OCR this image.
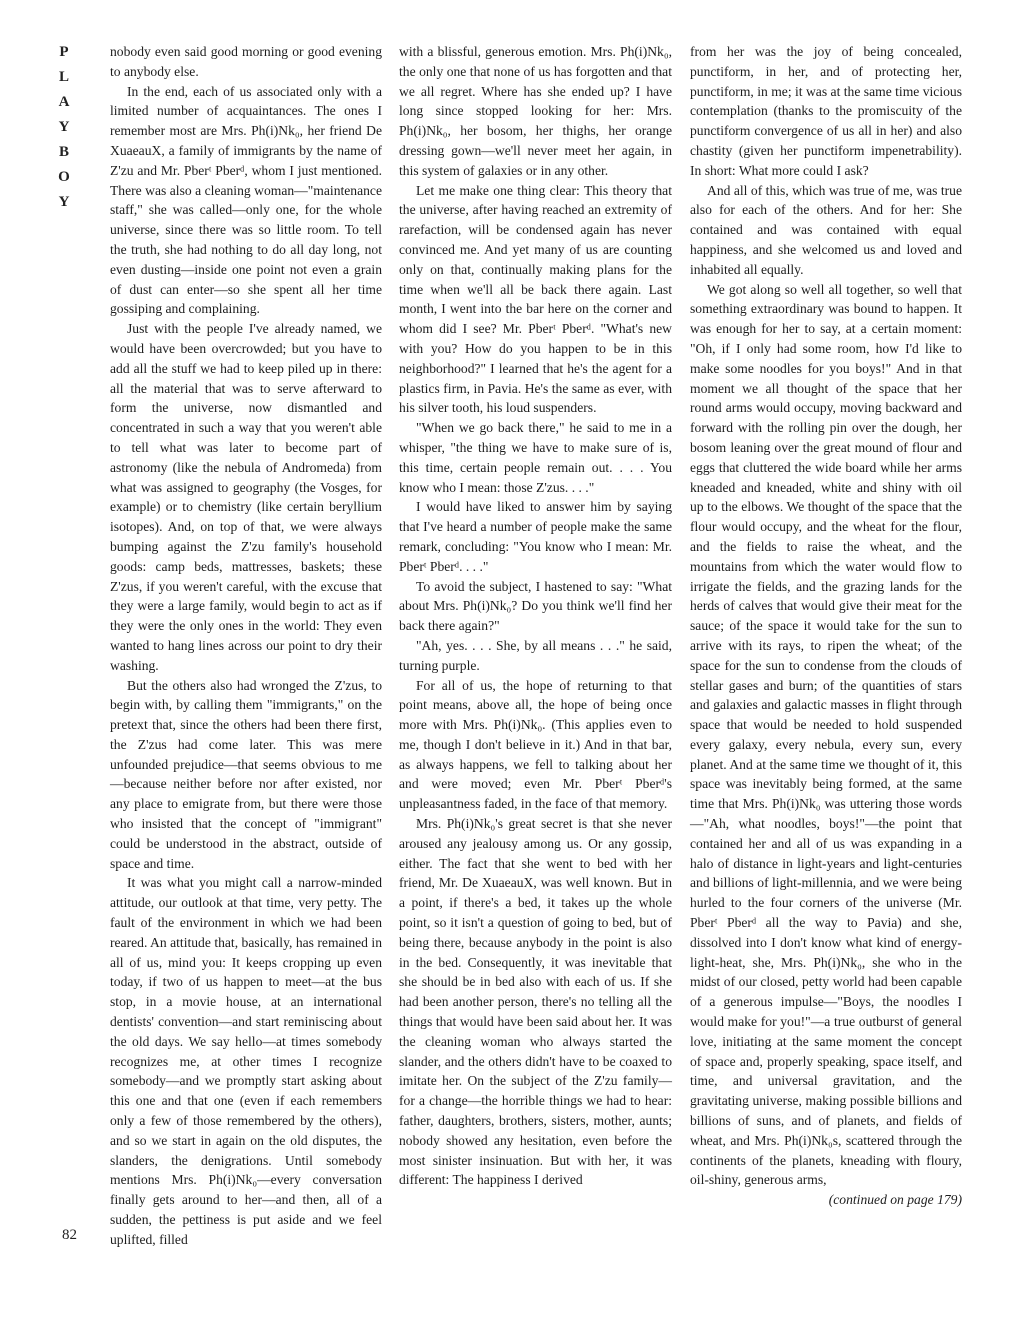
P
L
A
Y
B
O
Y
82

nobody even said good morning or good evening to anybody else.

In the end, each of us associated only with a limited number of acquaintances. The ones I remember most are Mrs. Ph(i)Nk₀, her friend De XuaeauX, a family of immigrants by the name of Z'zu and Mr. Pberᵗ Pberᵈ, whom I just mentioned. There was also a cleaning woman—"maintenance staff," she was called—only one, for the whole universe, since there was so little room. To tell the truth, she had nothing to do all day long, not even dusting—inside one point not even a grain of dust can enter—so she spent all her time gossiping and complaining.

Just with the people I've already named, we would have been overcrowded; but you have to add all the stuff we had to keep piled up in there: all the material that was to serve afterward to form the universe, now dismantled and concentrated in such a way that you weren't able to tell what was later to become part of astronomy (like the nebula of Andromeda) from what was assigned to geography (the Vosges, for example) or to chemistry (like certain beryllium isotopes). And, on top of that, we were always bumping against the Z'zu family's household goods: camp beds, mattresses, baskets; these Z'zus, if you weren't careful, with the excuse that they were a large family, would begin to act as if they were the only ones in the world: They even wanted to hang lines across our point to dry their washing.

But the others also had wronged the Z'zus, to begin with, by calling them "immigrants," on the pretext that, since the others had been there first, the Z'zus had come later. This was mere unfounded prejudice—that seems obvious to me—because neither before nor after existed, nor any place to emigrate from, but there were those who insisted that the concept of "immigrant" could be understood in the abstract, outside of space and time.

It was what you might call a narrow-minded attitude, our outlook at that time, very petty. The fault of the environment in which we had been reared. An attitude that, basically, has remained in all of us, mind you: It keeps cropping up even today, if two of us happen to meet—at the bus stop, in a movie house, at an international dentists' convention—and start reminiscing about the old days. We say hello—at times somebody recognizes me, at other times I recognize somebody—and we promptly start asking about this one and that one (even if each remembers only a few of those remembered by the others), and so we start in again on the old disputes, the slanders, the denigrations. Until somebody mentions Mrs. Ph(i)Nk₀—every conversation finally gets around to her—and then, all of a sudden, the pettiness is put aside and we feel uplifted, filled

with a blissful, generous emotion. Mrs. Ph(i)Nk₀, the only one that none of us has forgotten and that we all regret. Where has she ended up? I have long since stopped looking for her: Mrs. Ph(i)Nk₀, her bosom, her thighs, her orange dressing gown—we'll never meet her again, in this system of galaxies or in any other.

Let me make one thing clear: This theory that the universe, after having reached an extremity of rarefaction, will be condensed again has never convinced me. And yet many of us are counting only on that, continually making plans for the time when we'll all be back there again. Last month, I went into the bar here on the corner and whom did I see? Mr. Pberᵗ Pberᵈ. "What's new with you? How do you happen to be in this neighborhood?" I learned that he's the agent for a plastics firm, in Pavia. He's the same as ever, with his silver tooth, his loud suspenders.

"When we go back there," he said to me in a whisper, "the thing we have to make sure of is, this time, certain people remain out. . . . You know who I mean: those Z'zus. . . ."

I would have liked to answer him by saying that I've heard a number of people make the same remark, concluding: "You know who I mean: Mr. Pberᵗ Pberᵈ. . . ."

To avoid the subject, I hastened to say: "What about Mrs. Ph(i)Nk₀? Do you think we'll find her back there again?"

"Ah, yes. . . . She, by all means . . ." he said, turning purple.

For all of us, the hope of returning to that point means, above all, the hope of being once more with Mrs. Ph(i)Nk₀. (This applies even to me, though I don't believe in it.) And in that bar, as always happens, we fell to talking about her and were moved; even Mr. Pberᵗ Pberᵈ's unpleasantness faded, in the face of that memory.

Mrs. Ph(i)Nk₀'s great secret is that she never aroused any jealousy among us. Or any gossip, either. The fact that she went to bed with her friend, Mr. De XuaeauX, was well known. But in a point, if there's a bed, it takes up the whole point, so it isn't a question of going to bed, but of being there, because anybody in the point is also in the bed. Consequently, it was inevitable that she should be in bed also with each of us. If she had been another person, there's no telling all the things that would have been said about her. It was the cleaning woman who always started the slander, and the others didn't have to be coaxed to imitate her. On the subject of the Z'zu family—for a change—the horrible things we had to hear: father, daughters, brothers, sisters, mother, aunts; nobody showed any hesitation, even before the most sinister insinuation. But with her, it was different: The happiness I derived

from her was the joy of being concealed, punctiform, in her, and of protecting her, punctiform, in me; it was at the same time vicious contemplation (thanks to the promiscuity of the punctiform convergence of us all in her) and also chastity (given her punctiform impenetrability). In short: What more could I ask?

And all of this, which was true of me, was true also for each of the others. And for her: She contained and was contained with equal happiness, and she welcomed us and loved and inhabited all equally.

We got along so well all together, so well that something extraordinary was bound to happen. It was enough for her to say, at a certain moment: "Oh, if I only had some room, how I'd like to make some noodles for you boys!" And in that moment we all thought of the space that her round arms would occupy, moving backward and forward with the rolling pin over the dough, her bosom leaning over the great mound of flour and eggs that cluttered the wide board while her arms kneaded and kneaded, white and shiny with oil up to the elbows. We thought of the space that the flour would occupy, and the wheat for the flour, and the fields to raise the wheat, and the mountains from which the water would flow to irrigate the fields, and the grazing lands for the herds of calves that would give their meat for the sauce; of the space it would take for the sun to arrive with its rays, to ripen the wheat; of the space for the sun to condense from the clouds of stellar gases and burn; of the quantities of stars and galaxies and galactic masses in flight through space that would be needed to hold suspended every galaxy, every nebula, every sun, every planet. And at the same time we thought of it, this space was inevitably being formed, at the same time that Mrs. Ph(i)Nk₀ was uttering those words—"Ah, what noodles, boys!"—the point that contained her and all of us was expanding in a halo of distance in light-years and light-centuries and billions of light-millennia, and we were being hurled to the four corners of the universe (Mr. Pberᵗ Pberᵈ all the way to Pavia) and she, dissolved into I don't know what kind of energy-light-heat, she, Mrs. Ph(i)Nk₀, she who in the midst of our closed, petty world had been capable of a generous impulse—"Boys, the noodles I would make for you!"—a true outburst of general love, initiating at the same moment the concept of space and, properly speaking, space itself, and time, and universal gravitation, and the gravitating universe, making possible billions and billions of suns, and of planets, and fields of wheat, and Mrs. Ph(i)Nk₀s, scattered through the continents of the planets, kneading with floury, oil-shiny, generous arms,

(continued on page 179)
